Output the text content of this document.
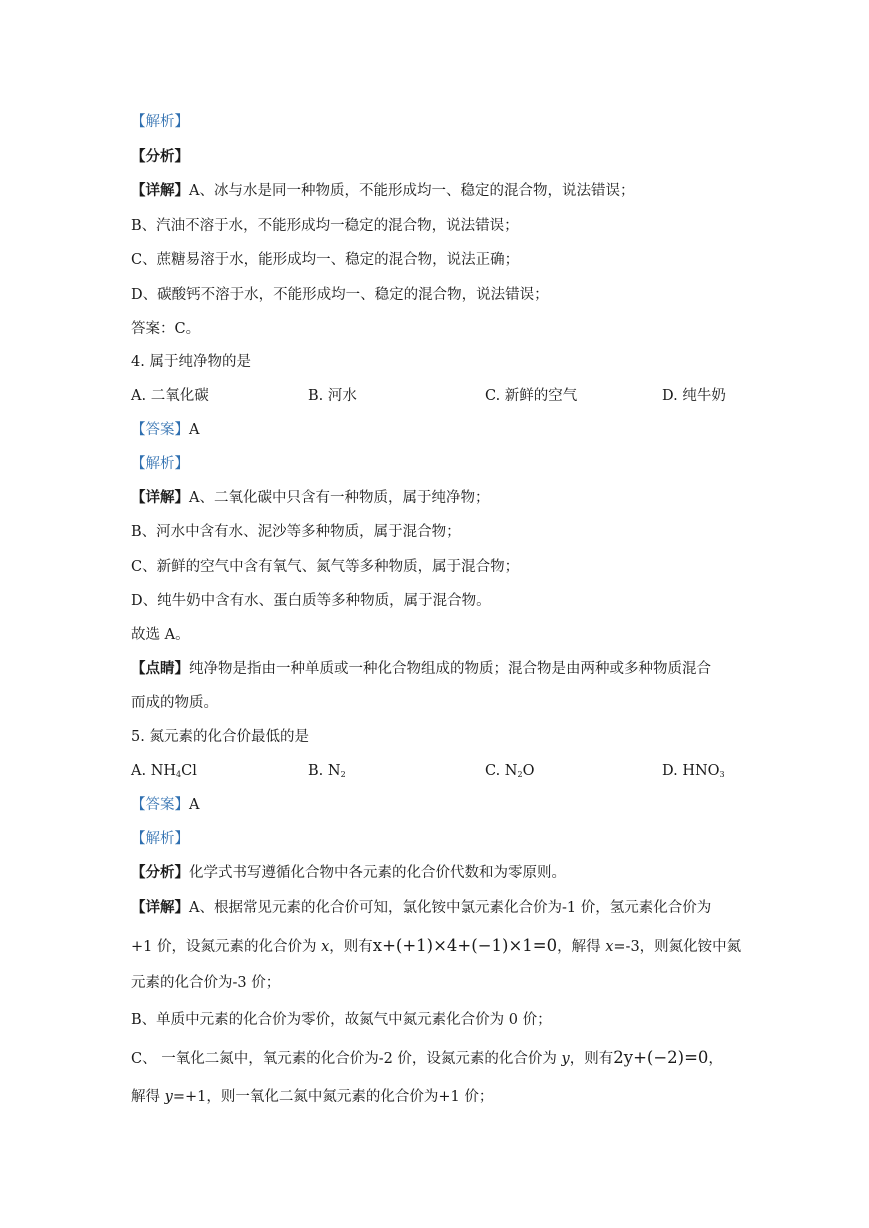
【解析】
【分析】
【详解】A、冰与水是同一种物质，不能形成均一、稳定的混合物，说法错误；
B、汽油不溶于水，不能形成均一稳定的混合物，说法错误；
C、蔗糖易溶于水，能形成均一、稳定的混合物，说法正确；
D、碳酸钙不溶于水，不能形成均一、稳定的混合物，说法错误；
答案：C。
4. 属于纯净物的是
A. 二氧化碳	B. 河水	C. 新鲜的空气	D. 纯牛奶
【答案】A
【解析】
【详解】A、二氧化碳中只含有一种物质，属于纯净物；
B、河水中含有水、泥沙等多种物质，属于混合物；
C、新鲜的空气中含有氧气、氮气等多种物质，属于混合物；
D、纯牛奶中含有水、蛋白质等多种物质，属于混合物。
故选 A。
【点睛】纯净物是指由一种单质或一种化合物组成的物质；混合物是由两种或多种物质混合
而成的物质。
5. 氮元素的化合价最低的是
A. $NH_4Cl$	B. $N_2$	C. $N_2O$	D. $HNO_3$
【答案】A
【解析】
【分析】化学式书写遵循化合物中各元素的化合价代数和为零原则。
【详解】A、根据常见元素的化合价可知，氯化铵中氯元素化合价为-1 价，氢元素化合价为
+1 价，设氮元素的化合价为 x，则有x+(+1)×4+(−1)×1=0，解得 x=-3，则氮化铵中氮
元素的化合价为-3 价；
B、单质中元素的化合价为零价，故氮气中氮元素化合价为 0 价；
C、 一氧化二氮中，氧元素的化合价为-2 价，设氮元素的化合价为 y，则有2y+(−2)=0，
解得 y=+1，则一氧化二氮中氮元素的化合价为+1 价；
